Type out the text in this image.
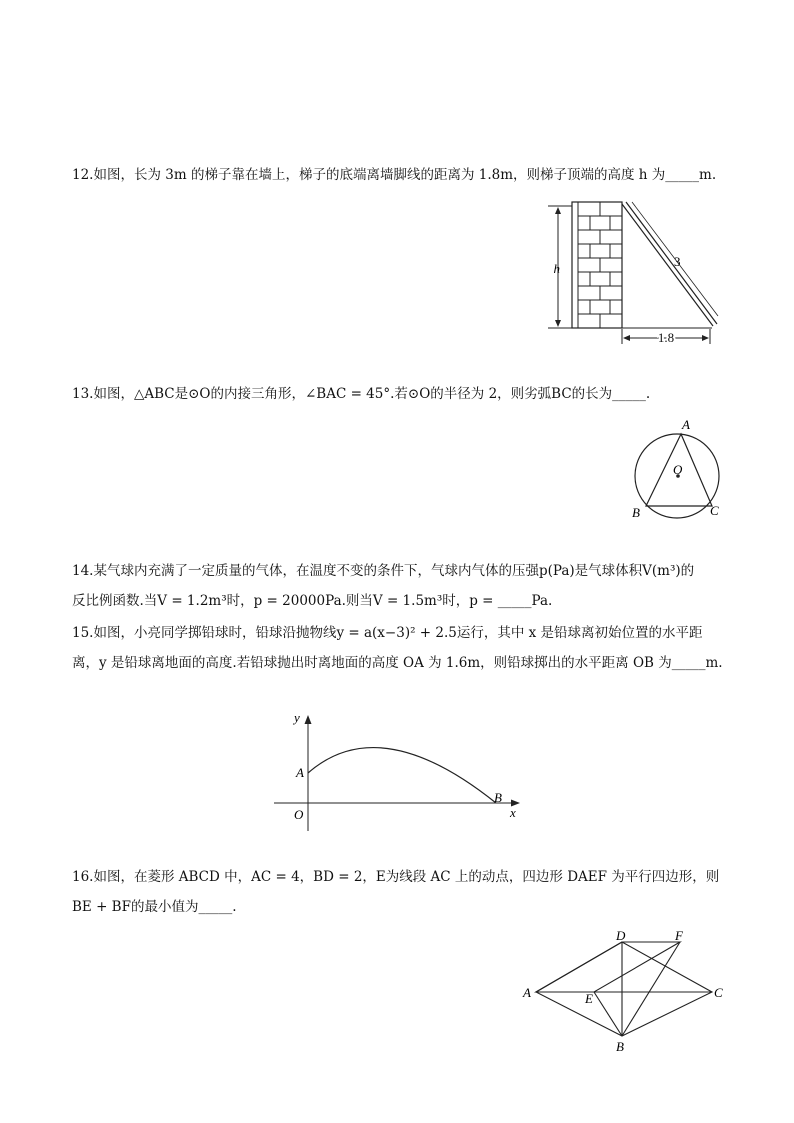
12.如图，长为 3m 的梯子靠在墙上，梯子的底端离墙脚线的距离为 1.8m，则梯子顶端的高度 h 为_____m.
h	3
1.8
13.如图，△ABC是⊙O的内接三角形，∠BAC = 45°.若⊙O的半径为 2，则劣弧BC的长为_____.
A
B	C
O
14.某气球内充满了一定质量的气体，在温度不变的条件下，气球内气体的压强p(Pa)是气球体积V(m³)的
反比例函数.当V = 1.2m³时，p = 20000Pa.则当V = 1.5m³时，p = _____Pa.
15.如图，小亮同学掷铅球时，铅球沿抛物线y = a(x−3)² + 2.5运行，其中 x 是铅球离初始位置的水平距
离，y 是铅球离地面的高度.若铅球抛出时离地面的高度 OA 为 1.6m，则铅球掷出的水平距离 OB 为_____m.
y
x
A
B
O
16.如图，在菱形 ABCD 中，AC = 4，BD = 2，E为线段 AC 上的动点，四边形 DAEF 为平行四边形，则
BE + BF的最小值为_____.
A
B
C
D
E
F
